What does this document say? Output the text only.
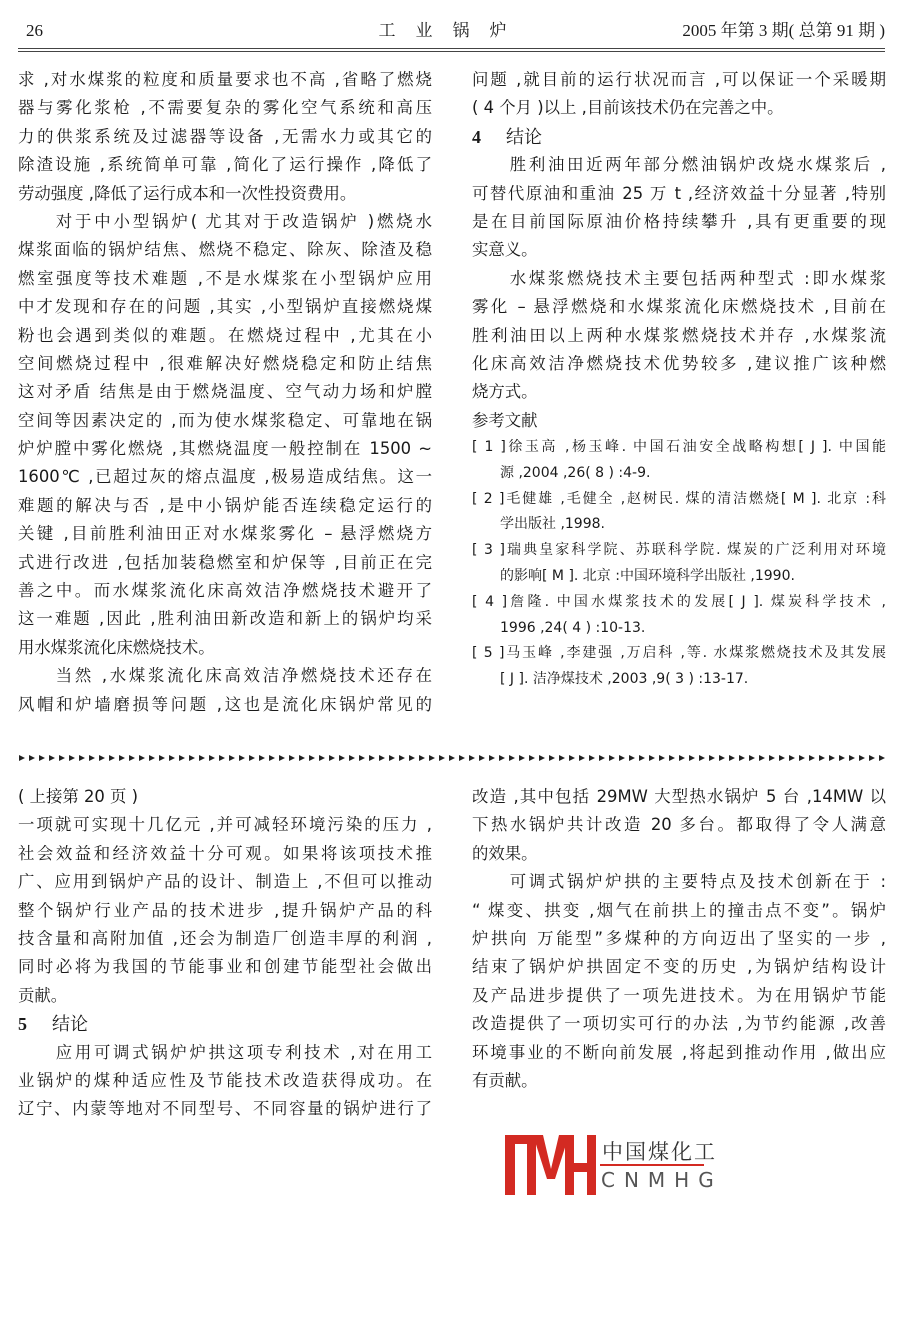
26	工业锅炉	2005 年第 3 期( 总第 91 期 )
求 ,对水煤浆的粒度和质量要求也不高 ,省略了燃烧
器与雾化浆枪 ,不需要复杂的雾化空气系统和高压
力的供浆系统及过滤器等设备 ,无需水力或其它的
除渣设施 ,系统简单可靠 ,简化了运行操作 ,降低了
劳动强度 ,降低了运行成本和一次性投资费用。
对于中小型锅炉( 尤其对于改造锅炉 )燃烧水
煤浆面临的锅炉结焦、燃烧不稳定、除灰、除渣及稳
燃室强度等技术难题 ,不是水煤浆在小型锅炉应用
中才发现和存在的问题 ,其实 ,小型锅炉直接燃烧煤
粉也会遇到类似的难题。在燃烧过程中 ,尤其在小
空间燃烧过程中 ,很难解决好燃烧稳定和防止结焦
这对矛盾 结焦是由于燃烧温度、空气动力场和炉膛
空间等因素决定的 ,而为使水煤浆稳定、可靠地在锅
炉炉膛中雾化燃烧 ,其燃烧温度一般控制在 1500 ~
1600℃ ,已超过灰的熔点温度 ,极易造成结焦。这一
难题的解决与否 ,是中小锅炉能否连续稳定运行的
关键 ,目前胜利油田正对水煤浆雾化 – 悬浮燃烧方
式进行改进 ,包括加装稳燃室和炉保等 ,目前正在完
善之中。而水煤浆流化床高效洁净燃烧技术避开了
这一难题 ,因此 ,胜利油田新改造和新上的锅炉均采
用水煤浆流化床燃烧技术。
当然 ,水煤浆流化床高效洁净燃烧技术还存在
风帽和炉墙磨损等问题 ,这也是流化床锅炉常见的
问题 ,就目前的运行状况而言 ,可以保证一个采暖期
( 4 个月 )以上 ,目前该技术仍在完善之中。
4 结论
胜利油田近两年部分燃油锅炉改烧水煤浆后 ,
可替代原油和重油 25 万 t ,经济效益十分显著 ,特别
是在目前国际原油价格持续攀升 ,具有更重要的现
实意义。
水煤浆燃烧技术主要包括两种型式 :即水煤浆
雾化 – 悬浮燃烧和水煤浆流化床燃烧技术 ,目前在
胜利油田以上两种水煤浆燃烧技术并存 ,水煤浆流
化床高效洁净燃烧技术优势较多 ,建议推广该种燃
烧方式。
参考文献
[ 1 ]徐玉高 ,杨玉峰. 中国石油安全战略构想[ J ]. 中国能
源 ,2004 ,26( 8 ) :4-9.
[ 2 ]毛健雄 ,毛健全 ,赵树民. 煤的清洁燃烧[ M ]. 北京 :科
学出版社 ,1998.
[ 3 ]瑞典皇家科学院、苏联科学院. 煤炭的广泛利用对环境
的影响[ M ]. 北京 :中国环境科学出版社 ,1990.
[ 4 ]詹隆. 中国水煤浆技术的发展[ J ]. 煤炭科学技术 ,
1996 ,24( 4 ) :10-13.
[ 5 ]马玉峰 ,李建强 ,万启科 ,等. 水煤浆燃烧技术及其发展
[ J ]. 洁净煤技术 ,2003 ,9( 3 ) :13-17.
( 上接第 20 页 )
一项就可实现十几亿元 ,并可减轻环境污染的压力 ,
社会效益和经济效益十分可观。如果将该项技术推
广、应用到锅炉产品的设计、制造上 ,不但可以推动
整个锅炉行业产品的技术进步 ,提升锅炉产品的科
技含量和高附加值 ,还会为制造厂创造丰厚的利润 ,
同时必将为我国的节能事业和创建节能型社会做出
贡献。
5 结论
应用可调式锅炉炉拱这项专利技术 ,对在用工
业锅炉的煤种适应性及节能技术改造获得成功。在
辽宁、内蒙等地对不同型号、不同容量的锅炉进行了
改造 ,其中包括 29MW 大型热水锅炉 5 台 ,14MW 以
下热水锅炉共计改造 20 多台。都取得了令人满意
的效果。
可调式锅炉炉拱的主要特点及技术创新在于 :
“ 煤变、拱变 ,烟气在前拱上的撞击点不变”。锅炉
炉拱向 万能型”多煤种的方向迈出了坚实的一步 ,
结束了锅炉炉拱固定不变的历史 ,为锅炉结构设计
及产品进步提供了一项先进技术。为在用锅炉节能
改造提供了一项切实可行的办法 ,为节约能源 ,改善
环境事业的不断向前发展 ,将起到推动作用 ,做出应
有贡献。
中国煤化工
CNMHG
